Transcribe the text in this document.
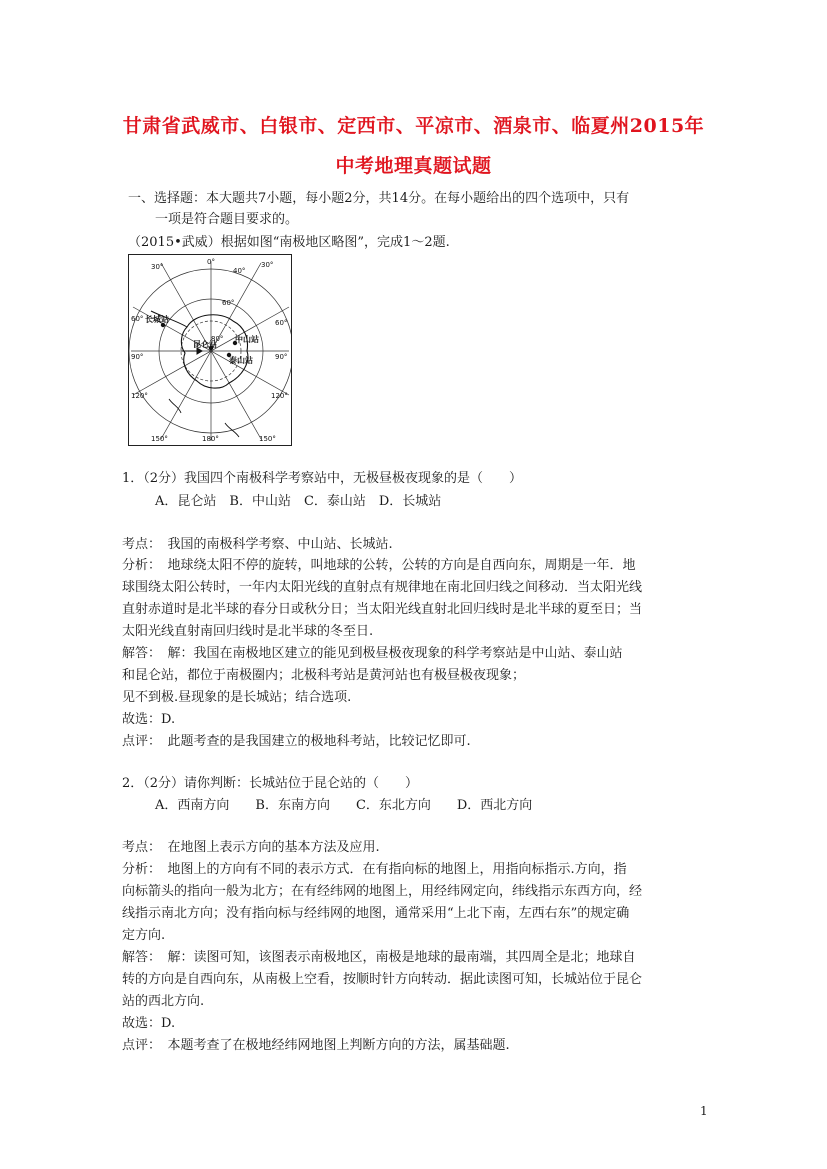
甘肃省武威市、白银市、定西市、平凉市、酒泉市、临夏州2015年
中考地理真题试题
一、选择题：本大题共7小题，每小题2分，共14分。在每小题给出的四个选项中，只有
一项是符合题目要求的。
（2015•武威）根据如图“南极地区略图”，完成1～2题.
0°
30°	40°
30°
60°
80°
60°	60°
90°	90°
120°	120°
150°	180°	150°
长城站
昆仑站
中山站
泰山站
1．（2分）我国四个南极科学考察站中，无极昼极夜现象的是（　　）
A．昆仑站　B．中山站　C．泰山站　D．长城站
考点：　我国的南极科学考察、中山站、长城站.
分析：　地球绕太阳不停的旋转，叫地球的公转，公转的方向是自西向东，周期是一年．地
球围绕太阳公转时，一年内太阳光线的直射点有规律地在南北回归线之间移动．当太阳光线
直射赤道时是北半球的春分日或秋分日；当太阳光线直射北回归线时是北半球的夏至日；当
太阳光线直射南回归线时是北半球的冬至日.
解答：　解：我国在南极地区建立的能见到极昼极夜现象的科学考察站是中山站、泰山站
和昆仑站，都位于南极圈内；北极科考站是黄河站也有极昼极夜现象；
见不到极.昼现象的是长城站；结合选项.
故选：D.
点评：　此题考查的是我国建立的极地科考站，比较记忆即可.
2．（2分）请你判断：长城站位于昆仑站的（　　）
A．西南方向　　B．东南方向　　C．东北方向　　D．西北方向
考点：　在地图上表示方向的基本方法及应用.
分析：　地图上的方向有不同的表示方式．在有指向标的地图上，用指向标指示.方向，指
向标箭头的指向一般为北方；在有经纬网的地图上，用经纬网定向，纬线指示东西方向，经
线指示南北方向；没有指向标与经纬网的地图，通常采用“上北下南，左西右东”的规定确
定方向.
解答：　解：读图可知，该图表示南极地区，南极是地球的最南端，其四周全是北；地球自
转的方向是自西向东，从南极上空看，按顺时针方向转动．据此读图可知，长城站位于昆仑
站的西北方向.
故选：D.
点评：　本题考查了在极地经纬网地图上判断方向的方法，属基础题.
1
